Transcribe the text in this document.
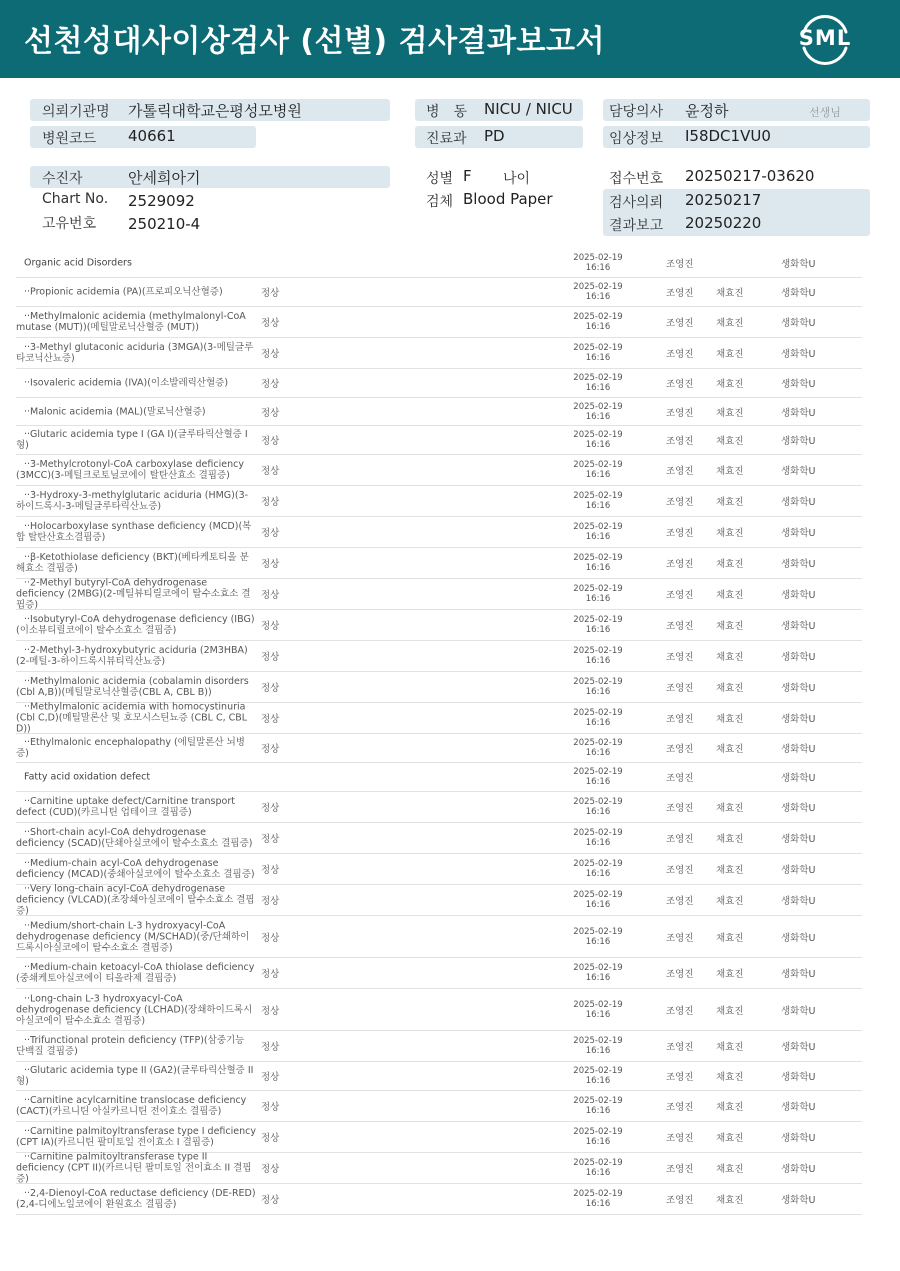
선천성대사이상검사 (선별) 검사결과보고서	SML
의뢰기관명 가톨릭대학교은평성모병원
병원코드 40661
병　동 NICU / NICU
진료과 PD
담당의사 윤정하	선생님
임상정보 I58DC1VU0
수진자	안세희아기
Chart No. 2529092
고유번호 250210-4
성별 F 나이
검체 Blood Paper
접수번호 20250217-03620
검사의뢰 20250217
결과보고 20250220
Organic acid Disorders	2025-02-19
16:16	조영진	생화학U
··Propionic acidemia (PA)(프로피오닉산혈증)	정상
2025-02-19
16:16	조영진 채효진	생화학U
··Methylmalonic acidemia (methylmalonyl-CoA mutase (MUT))(메틸말로닉산혈증 (MUT))	정상
2025-02-19
16:16	조영진 채효진	생화학U
··3-Methyl glutaconic aciduria (3MGA)(3-메틸글루타코닉산뇨증)	정상
2025-02-19
16:16	조영진 채효진	생화학U
··Isovaleric acidemia (IVA)(이소발레릭산혈증)	정상
2025-02-19
16:16	조영진 채효진	생화학U
··Malonic acidemia (MAL)(말로닉산혈증)	정상
2025-02-19
16:16	조영진 채효진	생화학U
··Glutaric acidemia type I (GA I)(글루타릭산혈증 I형)	정상
2025-02-19
16:16	조영진 채효진	생화학U
··3-Methylcrotonyl-CoA carboxylase deficiency (3MCC)(3-메틸크로토닐코에이 탈탄산효소 결핍증)	정상
2025-02-19
16:16	조영진 채효진	생화학U
··3-Hydroxy-3-methylglutaric aciduria (HMG)(3-하이드록시-3-메틸글루타릭산뇨증)	정상
2025-02-19
16:16	조영진 채효진	생화학U
··Holocarboxylase synthase deficiency (MCD)(복합 탈탄산효소결핍증)	정상
2025-02-19
16:16	조영진 채효진	생화학U
··β-Ketothiolase deficiency (BKT)(베타케토티올 분해효소 결핍증)	정상
2025-02-19
16:16	조영진 채효진	생화학U
··2-Methyl butyryl-CoA dehydrogenase deficiency (2MBG)(2-메틸뷰티릴코에이 탈수소효소 결핍증)
정상
2025-02-19
16:16	조영진 채효진	생화학U
··Isobutyryl-CoA dehydrogenase deficiency (IBG)(이소뷰티릴코에이 탈수소효소 결핍증)	정상
2025-02-19
16:16	조영진 채효진	생화학U
··2-Methyl-3-hydroxybutyric aciduria (2M3HBA)(2-메틸-3-하이드록시뷰티릭산뇨증)	정상
2025-02-19
16:16	조영진 채효진	생화학U
··Methylmalonic acidemia (cobalamin disorders (Cbl A,B))(메틸말로닉산혈증(CBL A, CBL B))	정상
2025-02-19
16:16	조영진 채효진	생화학U
··Methylmalonic acidemia with homocystinuria (Cbl C,D)(메틸말론산 및 호모시스틴뇨증 (CBL C, CBL D))
정상
2025-02-19
16:16	조영진 채효진	생화학U
··Ethylmalonic encephalopathy (에틸말론산 뇌병증)	정상
2025-02-19
16:16	조영진 채효진	생화학U
Fatty acid oxidation defect	2025-02-19
16:16	조영진	생화학U
··Carnitine uptake defect/Carnitine transport defect (CUD)(카르니틴 업테이크 결핍증)	정상
2025-02-19
16:16	조영진 채효진	생화학U
··Short-chain acyl-CoA dehydrogenase deficiency (SCAD)(단쇄아실코에이 탈수소효소 결핍증) 정상
2025-02-19
16:16	조영진 채효진	생화학U
··Medium-chain acyl-CoA dehydrogenase deficiency (MCAD)(중쇄아실코에이 탈수소효소 결핍증) 정상
2025-02-19
16:16	조영진 채효진	생화학U
··Very long-chain acyl-CoA dehydrogenase deficiency (VLCAD)(초장쇄아실코에이 탈수소효소 결핍증)
정상
2025-02-19
16:16	조영진 채효진	생화학U
··Medium/short-chain L-3 hydroxyacyl-CoA dehydrogenase deficiency (M/SCHAD)(중/단쇄하이드록시아실코에이 탈수소효소 결핍증)
정상
2025-02-19
16:16	조영진 채효진	생화학U
··Medium-chain ketoacyl-CoA thiolase deficiency (중쇄케토아실코에이 티올라제 결핍증)	정상
2025-02-19
16:16	조영진 채효진	생화학U
··Long-chain L-3 hydroxyacyl-CoA dehydrogenase deficiency (LCHAD)(장쇄하이드록시아실코에이 탈수소효소 결핍증)
정상
2025-02-19
16:16	조영진 채효진	생화학U
··Trifunctional protein deficiency (TFP)(삼중기능 단백질 결핍증)	정상
2025-02-19
16:16	조영진 채효진	생화학U
··Glutaric acidemia type II (GA2)(글루타릭산혈증 II형)	정상
2025-02-19
16:16	조영진 채효진	생화학U
··Carnitine acylcarnitine translocase deficiency (CACT)(카르니틴 아실카르니틴 전이효소 결핍증)	정상
2025-02-19
16:16	조영진 채효진	생화학U
··Carnitine palmitoyltransferase type I deficiency (CPT IA)(카르니틴 팔미토일 전이효소 I 결핍증)	정상
2025-02-19
16:16	조영진 채효진	생화학U
··Carnitine palmitoyltransferase type II deficiency (CPT II)(카르니틴 팔미토일 전이효소 II 결핍증)
정상
2025-02-19
16:16	조영진 채효진	생화학U
··2,4-Dienoyl-CoA reductase deficiency (DE-RED)(2,4-디에노일코에이 환원효소 결핍증)	정상
2025-02-19
16:16	조영진 채효진	생화학U
